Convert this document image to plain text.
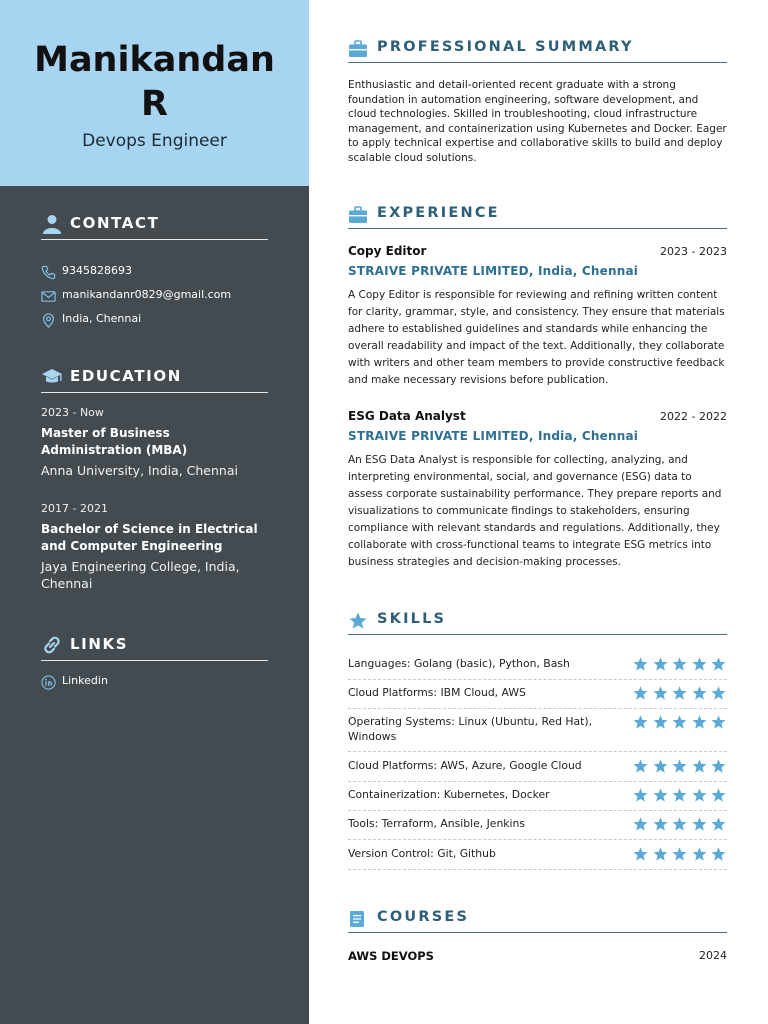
Manikandan
R
Devops Engineer
CONTACT
9345828693
manikandanr0829@gmail.com
India, Chennai
EDUCATION
2023 - Now
Master of Business Administration (MBA)
Anna University, India, Chennai
2017 - 2021
Bachelor of Science in Electrical and Computer Engineering
Jaya Engineering College, India, Chennai
LINKS
Linkedin
PROFESSIONAL SUMMARY
Enthusiastic and detail-oriented recent graduate with a strong foundation in automation engineering, software development, and cloud technologies. Skilled in troubleshooting, cloud infrastructure management, and containerization using Kubernetes and Docker. Eager to apply technical expertise and collaborative skills to build and deploy scalable cloud solutions.
EXPERIENCE
Copy Editor	2023 - 2023
STRAIVE PRIVATE LIMITED, India, Chennai
A Copy Editor is responsible for reviewing and refining written content for clarity, grammar, style, and consistency. They ensure that materials adhere to established guidelines and standards while enhancing the overall readability and impact of the text. Additionally, they collaborate with writers and other team members to provide constructive feedback and make necessary revisions before publication.
ESG Data Analyst	2022 - 2022
STRAIVE PRIVATE LIMITED, India, Chennai
An ESG Data Analyst is responsible for collecting, analyzing, and interpreting environmental, social, and governance (ESG) data to assess corporate sustainability performance. They prepare reports and visualizations to communicate findings to stakeholders, ensuring compliance with relevant standards and regulations. Additionally, they collaborate with cross-functional teams to integrate ESG metrics into business strategies and decision-making processes.
SKILLS
Languages: Golang (basic), Python, Bash
Cloud Platforms: IBM Cloud, AWS
Operating Systems: Linux (Ubuntu, Red Hat), Windows
Cloud Platforms: AWS, Azure, Google Cloud
Containerization: Kubernetes, Docker
Tools: Terraform, Ansible, Jenkins
Version Control: Git, Github
COURSES
AWS DEVOPS	2024
